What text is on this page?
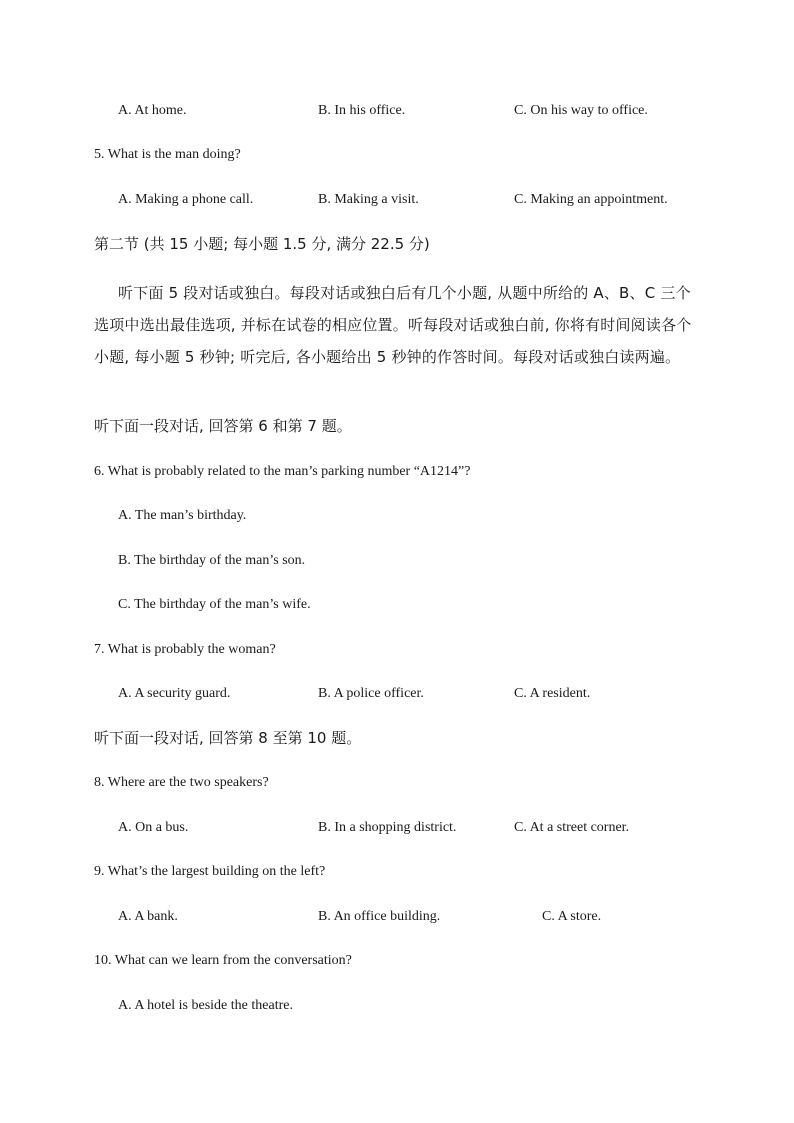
A. At home.	B. In his office.	C. On his way to office.
5. What is the man doing?
A. Making a phone call.	B. Making a visit.	C. Making an appointment.
第二节 (共 15 小题; 每小题 1.5 分, 满分 22.5 分)
听下面 5 段对话或独白。每段对话或独白后有几个小题, 从题中所给的 A、B、C 三个选项中选出最佳选项, 并标在试卷的相应位置。听每段对话或独白前, 你将有时间阅读各个小题, 每小题 5 秒钟; 听完后, 各小题给出 5 秒钟的作答时间。每段对话或独白读两遍。
听下面一段对话, 回答第 6 和第 7 题。
6. What is probably related to the man’s parking number “A1214”?
A. The man’s birthday.
B. The birthday of the man’s son.
C. The birthday of the man’s wife.
7. What is probably the woman?
A. A security guard.	B. A police officer.	C. A resident.
听下面一段对话, 回答第 8 至第 10 题。
8. Where are the two speakers?
A. On a bus.	B. In a shopping district.	C. At a street corner.
9. What’s the largest building on the left?
A. A bank.	B. An office building.	C. A store.
10. What can we learn from the conversation?
A. A hotel is beside the theatre.
